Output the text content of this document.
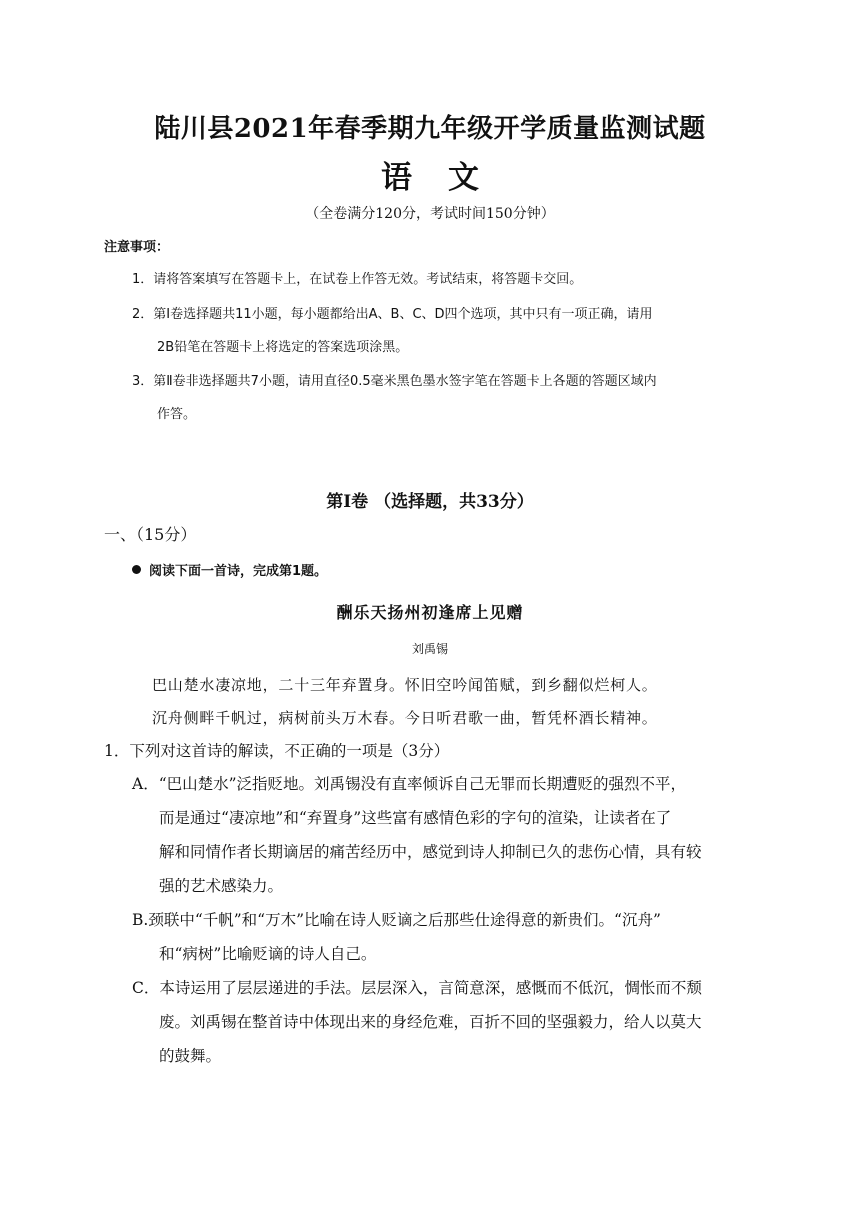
陆川县2021年春季期九年级开学质量监测试题
语文
（全卷满分120分，考试时间150分钟）
注意事项：
1．请将答案填写在答题卡上，在试卷上作答无效。考试结束，将答题卡交回。
2．第Ⅰ卷选择题共11小题，每小题都给出A、B、C、D四个选项，其中只有一项正确，请用
2B铅笔在答题卡上将选定的答案选项涂黑。
3．第Ⅱ卷非选择题共7小题，请用直径0.5毫米黑色墨水签字笔在答题卡上各题的答题区域内
作答。
第Ⅰ卷 （选择题，共33分）
一、（15分）
阅读下面一首诗，完成第1题。
酬乐天扬州初逢席上见赠
刘禹锡
巴山楚水凄凉地，二十三年弃置身。怀旧空吟闻笛赋，到乡翻似烂柯人。
沉舟侧畔千帆过，病树前头万木春。今日听君歌一曲，暂凭杯酒长精神。
1．下列对这首诗的解读，不正确的一项是（3分）
A．“巴山楚水”泛指贬地。刘禹锡没有直率倾诉自己无罪而长期遭贬的强烈不平，
而是通过“凄凉地”和“弃置身”这些富有感情色彩的字句的渲染，让读者在了
解和同情作者长期谪居的痛苦经历中，感觉到诗人抑制已久的悲伤心情，具有较
强的艺术感染力。
B.颈联中“千帆”和“万木”比喻在诗人贬谪之后那些仕途得意的新贵们。“沉舟”
和“病树”比喻贬谪的诗人自己。
C．本诗运用了层层递进的手法。层层深入，言简意深，感慨而不低沉，惆怅而不颓
废。刘禹锡在整首诗中体现出来的身经危难，百折不回的坚强毅力，给人以莫大
的鼓舞。
